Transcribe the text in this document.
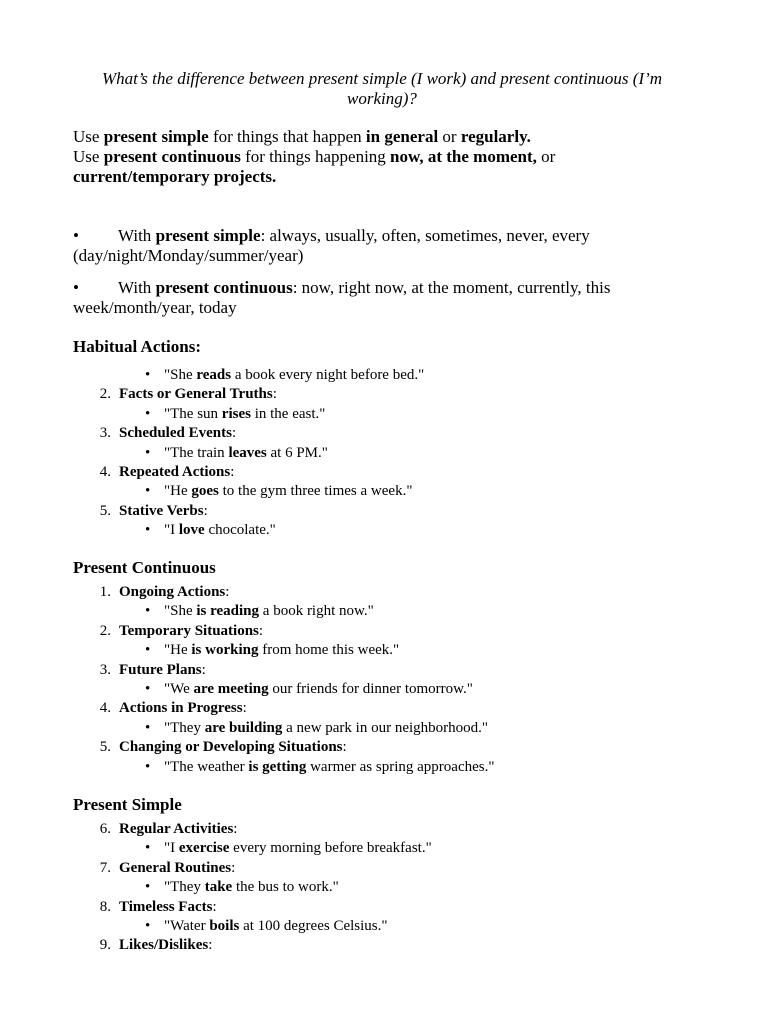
What’s the difference between present simple (I work) and present continuous (I’m working)?
Use present simple for things that happen in general or regularly.
Use present continuous for things happening now, at the moment, or
current/temporary projects.
• With present simple: always, usually, often, sometimes, never, every
(day/night/Monday/summer/year)
• With present continuous: now, right now, at the moment, currently, this
week/month/year, today
Habitual Actions:
• "She reads a book every night before bed."
2. Facts or General Truths:
• "The sun rises in the east."
3. Scheduled Events:
• "The train leaves at 6 PM."
4. Repeated Actions:
• "He goes to the gym three times a week."
5. Stative Verbs:
• "I love chocolate."
Present Continuous
1. Ongoing Actions:
• "She is reading a book right now."
2. Temporary Situations:
• "He is working from home this week."
3. Future Plans:
• "We are meeting our friends for dinner tomorrow."
4. Actions in Progress:
• "They are building a new park in our neighborhood."
5. Changing or Developing Situations:
• "The weather is getting warmer as spring approaches."
Present Simple
6. Regular Activities:
• "I exercise every morning before breakfast."
7. General Routines:
• "They take the bus to work."
8. Timeless Facts:
• "Water boils at 100 degrees Celsius."
9. Likes/Dislikes:
